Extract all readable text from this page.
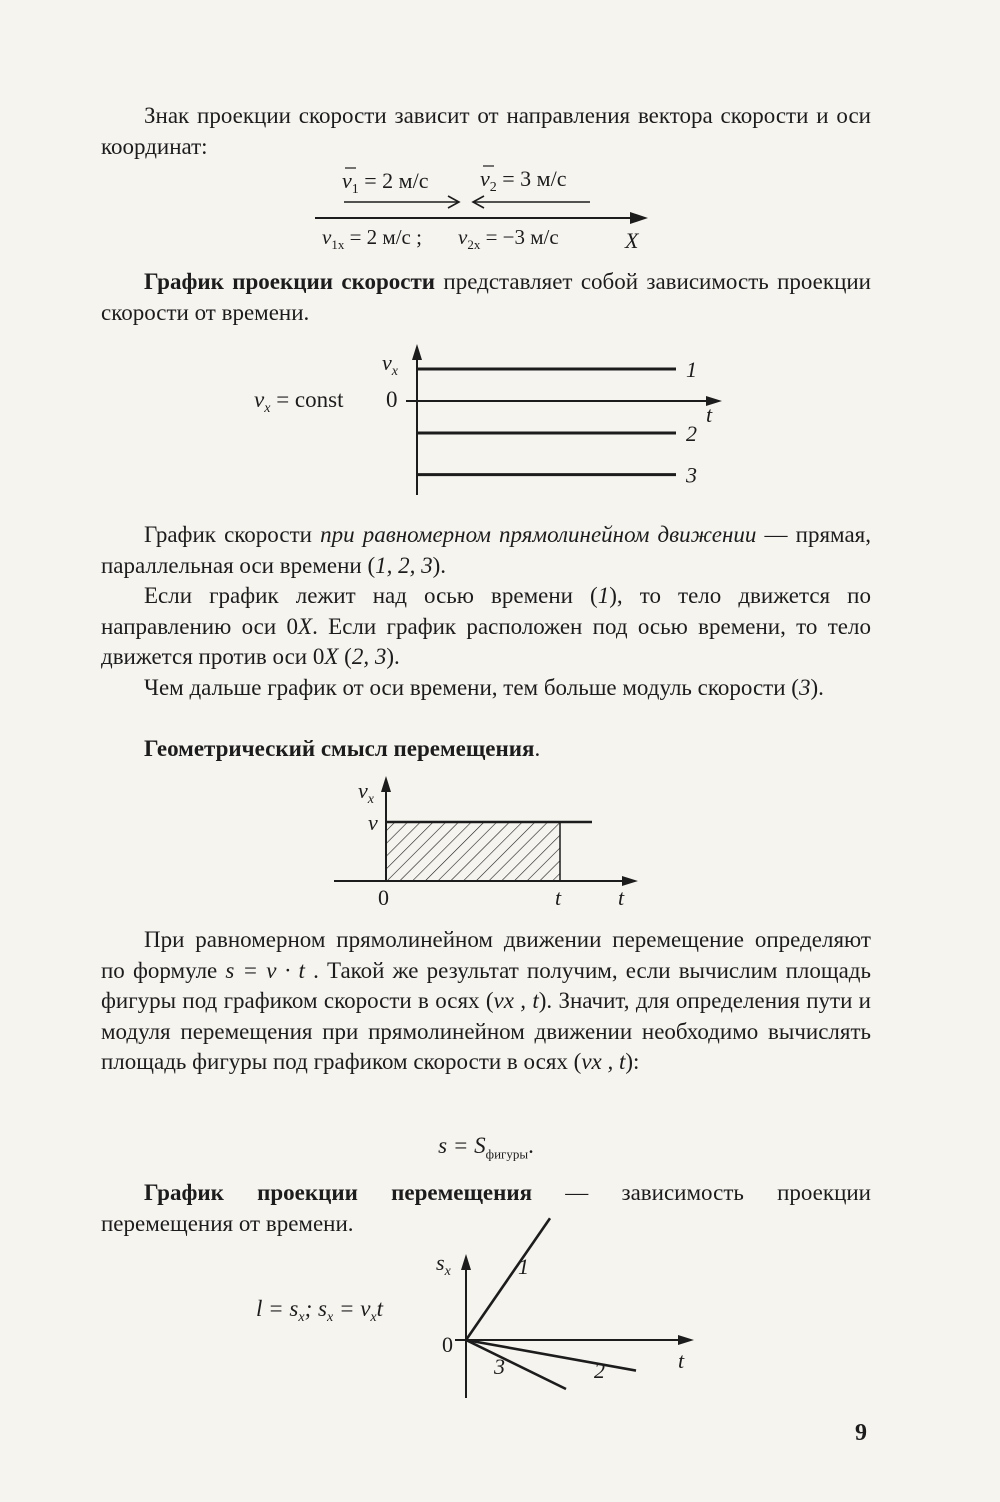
Знак проекции скорости зависит от направления вектора скорости и оси координат:

$v_1 = 2$ м/с $v_2 = 3$ м/с
$v_{1x} = 2$ м/с ; $v_{2x} = -3$ м/с	X

График проекции скорости представляет собой зависимость проекции скорости от времени.

$v_x$
$v_x$ = const 0
t
1
2
3

График скорости при равномерном прямолинейном движении — прямая, параллельная оси времени (1, 2, 3).

Если график лежит над осью времени (1), то тело движется по направлению оси 0X. Если график расположен под осью времени, то тело движется против оси 0X (2, 3).

Чем дальше график от оси времени, тем больше модуль скорости (3).

Геометрический смысл перемещения.

$v_x$
v
0	t	t

При равномерном прямолинейном движении перемещение определяют по формуле s = v · t . Такой же результат получим, если вычислим площадь фигуры под графиком скорости в осях (vx , t). Значит, для определения пути и модуля перемещения при прямолинейном движении необходимо вычислять площадь фигуры под графиком скорости в осях (vx , t):

$s = S_{фигуры}$.

График проекции перемещения — зависимость проекции перемещения от времени.

$s_x$
$l = s_x$; $s_x = v_xt$
0
t
1
2
3
9
